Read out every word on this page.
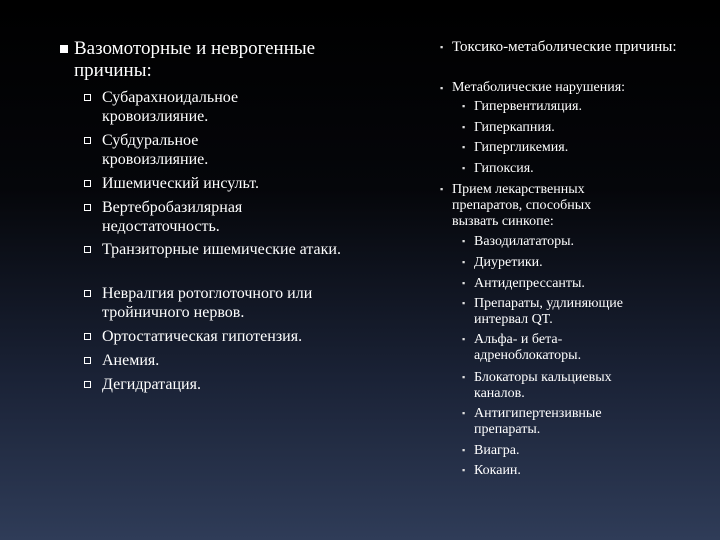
Вазомоторные и неврогенные причины:
Субарахноидальное кровоизлияние.
Субдуральное кровоизлияние.
Ишемический инсульт.
Вертебробазилярная недостаточность.
Транзиторные ишемические атаки.
Невралгия ротоглоточного или тройничного нервов.
Ортостатическая гипотензия.
Анемия.
Дегидратация.
▪ Токсико-метаболические причины:
▪ Метаболические нарушения:
▪ Гипервентиляция.
▪ Гиперкапния.
▪ Гипергликемия.
▪ Гипоксия.
▪ Прием лекарственных препаратов, способных вызвать синкопе:
▪ Вазодилататоры.
▪ Диуретики.
▪ Антидепрессанты.
▪ Препараты, удлиняющие интервал QT.
▪ Альфа- и бета-адреноблокаторы.
▪ Блокаторы кальциевых каналов.
▪ Антигипертензивные препараты.
▪ Виагра.
▪ Кокаин.
